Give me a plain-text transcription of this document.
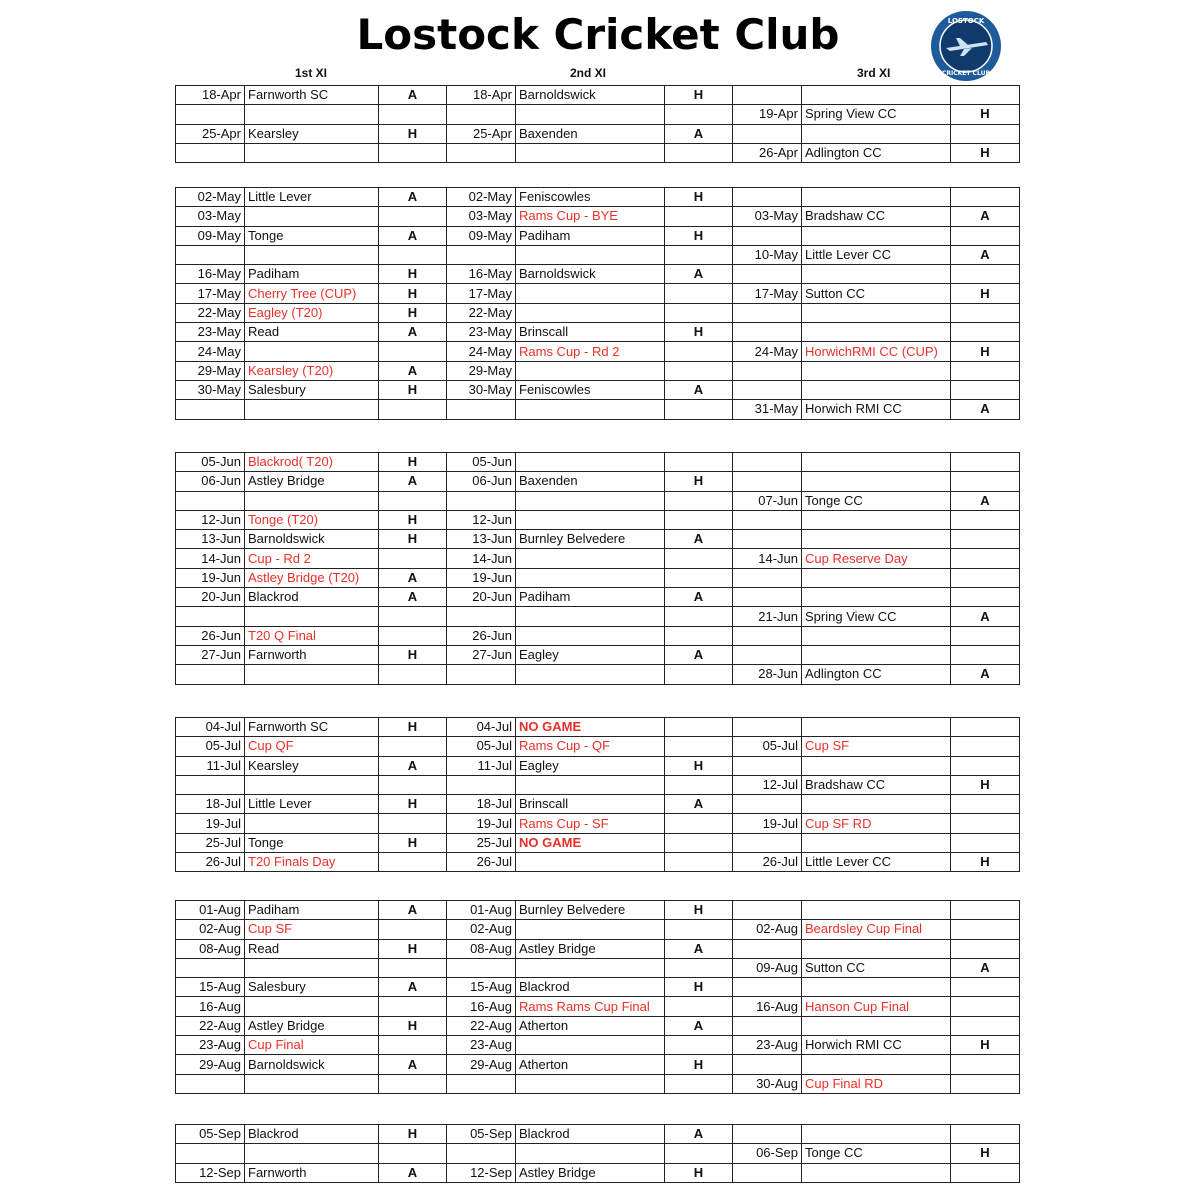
Lostock Cricket Club	LOSTOCK
CRICKET CLUB
1st XI	2nd XI	3rd XI
18-Apr	Farnworth SC	A	18-Apr	Barnoldswick	H			
						19-Apr	Spring View CC	H
25-Apr	Kearsley	H	25-Apr	Baxenden	A			
						26-Apr	Adlington CC	H
02-May	Little Lever	A	02-May	Feniscowles	H			
03-May			03-May	Rams Cup - BYE		03-May	Bradshaw CC	A
09-May	Tonge	A	09-May	Padiham	H			
						10-May	Little Lever CC	A
16-May	Padiham	H	16-May	Barnoldswick	A			
17-May	Cherry Tree (CUP)	H	17-May			17-May	Sutton CC	H
22-May	Eagley (T20)	H	22-May					
23-May	Read	A	23-May	Brinscall	H			
24-May			24-May	Rams Cup - Rd 2		24-May	HorwichRMI CC (CUP)	H
29-May	Kearsley (T20)	A	29-May					
30-May	Salesbury	H	30-May	Feniscowles	A			
						31-May	Horwich RMI CC	A
05-Jun	Blackrod( T20)	H	05-Jun					
06-Jun	Astley Bridge	A	06-Jun	Baxenden	H			
						07-Jun	Tonge CC	A
12-Jun	Tonge (T20)	H	12-Jun					
13-Jun	Barnoldswick	H	13-Jun	Burnley Belvedere	A			
14-Jun	Cup - Rd 2		14-Jun			14-Jun	Cup Reserve Day	
19-Jun	Astley Bridge (T20)	A	19-Jun					
20-Jun	Blackrod	A	20-Jun	Padiham	A			
						21-Jun	Spring View CC	A
26-Jun	T20 Q Final		26-Jun					
27-Jun	Farnworth	H	27-Jun	Eagley	A			
						28-Jun	Adlington CC	A
04-Jul	Farnworth SC	H	04-Jul	NO GAME				
05-Jul	Cup QF		05-Jul	Rams Cup - QF		05-Jul	Cup SF	
11-Jul	Kearsley	A	11-Jul	Eagley	H			
						12-Jul	Bradshaw CC	H
18-Jul	Little Lever	H	18-Jul	Brinscall	A			
19-Jul			19-Jul	Rams Cup - SF		19-Jul	Cup SF RD	
25-Jul	Tonge	H	25-Jul	NO GAME				
26-Jul	T20 Finals Day		26-Jul			26-Jul	Little Lever CC	H
01-Aug	Padiham	A	01-Aug	Burnley Belvedere	H			
02-Aug	Cup SF		02-Aug			02-Aug	Beardsley Cup Final	
08-Aug	Read	H	08-Aug	Astley Bridge	A			
						09-Aug	Sutton CC	A
15-Aug	Salesbury	A	15-Aug	Blackrod	H			
16-Aug			16-Aug	Rams Rams Cup Final		16-Aug	Hanson Cup Final	
22-Aug	Astley Bridge	H	22-Aug	Atherton	A			
23-Aug	Cup Final		23-Aug			23-Aug	Horwich RMI CC	H
29-Aug	Barnoldswick	A	29-Aug	Atherton	H			
						30-Aug	Cup Final RD	
05-Sep	Blackrod	H	05-Sep	Blackrod	A			
						06-Sep	Tonge CC	H
12-Sep	Farnworth	A	12-Sep	Astley Bridge	H			
